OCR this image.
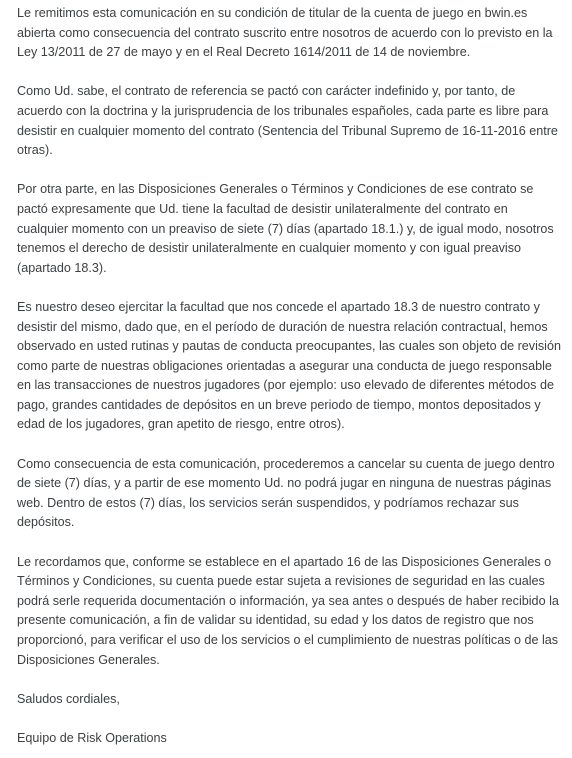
Le remitimos esta comunicación en su condición de titular de la cuenta de juego en bwin.es abierta como consecuencia del contrato suscrito entre nosotros de acuerdo con lo previsto en la Ley 13/2011 de 27 de mayo y en el Real Decreto 1614/2011 de 14 de noviembre.

Como Ud. sabe, el contrato de referencia se pactó con carácter indefinido y, por tanto, de acuerdo con la doctrina y la jurisprudencia de los tribunales españoles, cada parte es libre para desistir en cualquier momento del contrato (Sentencia del Tribunal Supremo de 16-11-2016 entre otras).

Por otra parte, en las Disposiciones Generales o Términos y Condiciones de ese contrato se pactó expresamente que Ud. tiene la facultad de desistir unilateralmente del contrato en cualquier momento con un preaviso de siete (7) días (apartado 18.1.) y, de igual modo, nosotros tenemos el derecho de desistir unilateralmente en cualquier momento y con igual preaviso (apartado 18.3).

Es nuestro deseo ejercitar la facultad que nos concede el apartado 18.3 de nuestro contrato y desistir del mismo, dado que, en el período de duración de nuestra relación contractual, hemos observado en usted rutinas y pautas de conducta preocupantes, las cuales son objeto de revisión como parte de nuestras obligaciones orientadas a asegurar una conducta de juego responsable en las transacciones de nuestros jugadores (por ejemplo: uso elevado de diferentes métodos de pago, grandes cantidades de depósitos en un breve periodo de tiempo, montos depositados y edad de los jugadores, gran apetito de riesgo, entre otros).

Como consecuencia de esta comunicación, procederemos a cancelar su cuenta de juego dentro de siete (7) días, y a partir de ese momento Ud. no podrá jugar en ninguna de nuestras páginas web. Dentro de estos (7) días, los servicios serán suspendidos, y podríamos rechazar sus depósitos.

Le recordamos que, conforme se establece en el apartado 16 de las Disposiciones Generales o Términos y Condiciones, su cuenta puede estar sujeta a revisiones de seguridad en las cuales podrá serle requerida documentación o información, ya sea antes o después de haber recibido la presente comunicación, a fin de validar su identidad, su edad y los datos de registro que nos proporcionó, para verificar el uso de los servicios o el cumplimiento de nuestras políticas o de las Disposiciones Generales.

Saludos cordiales,

Equipo de Risk Operations
